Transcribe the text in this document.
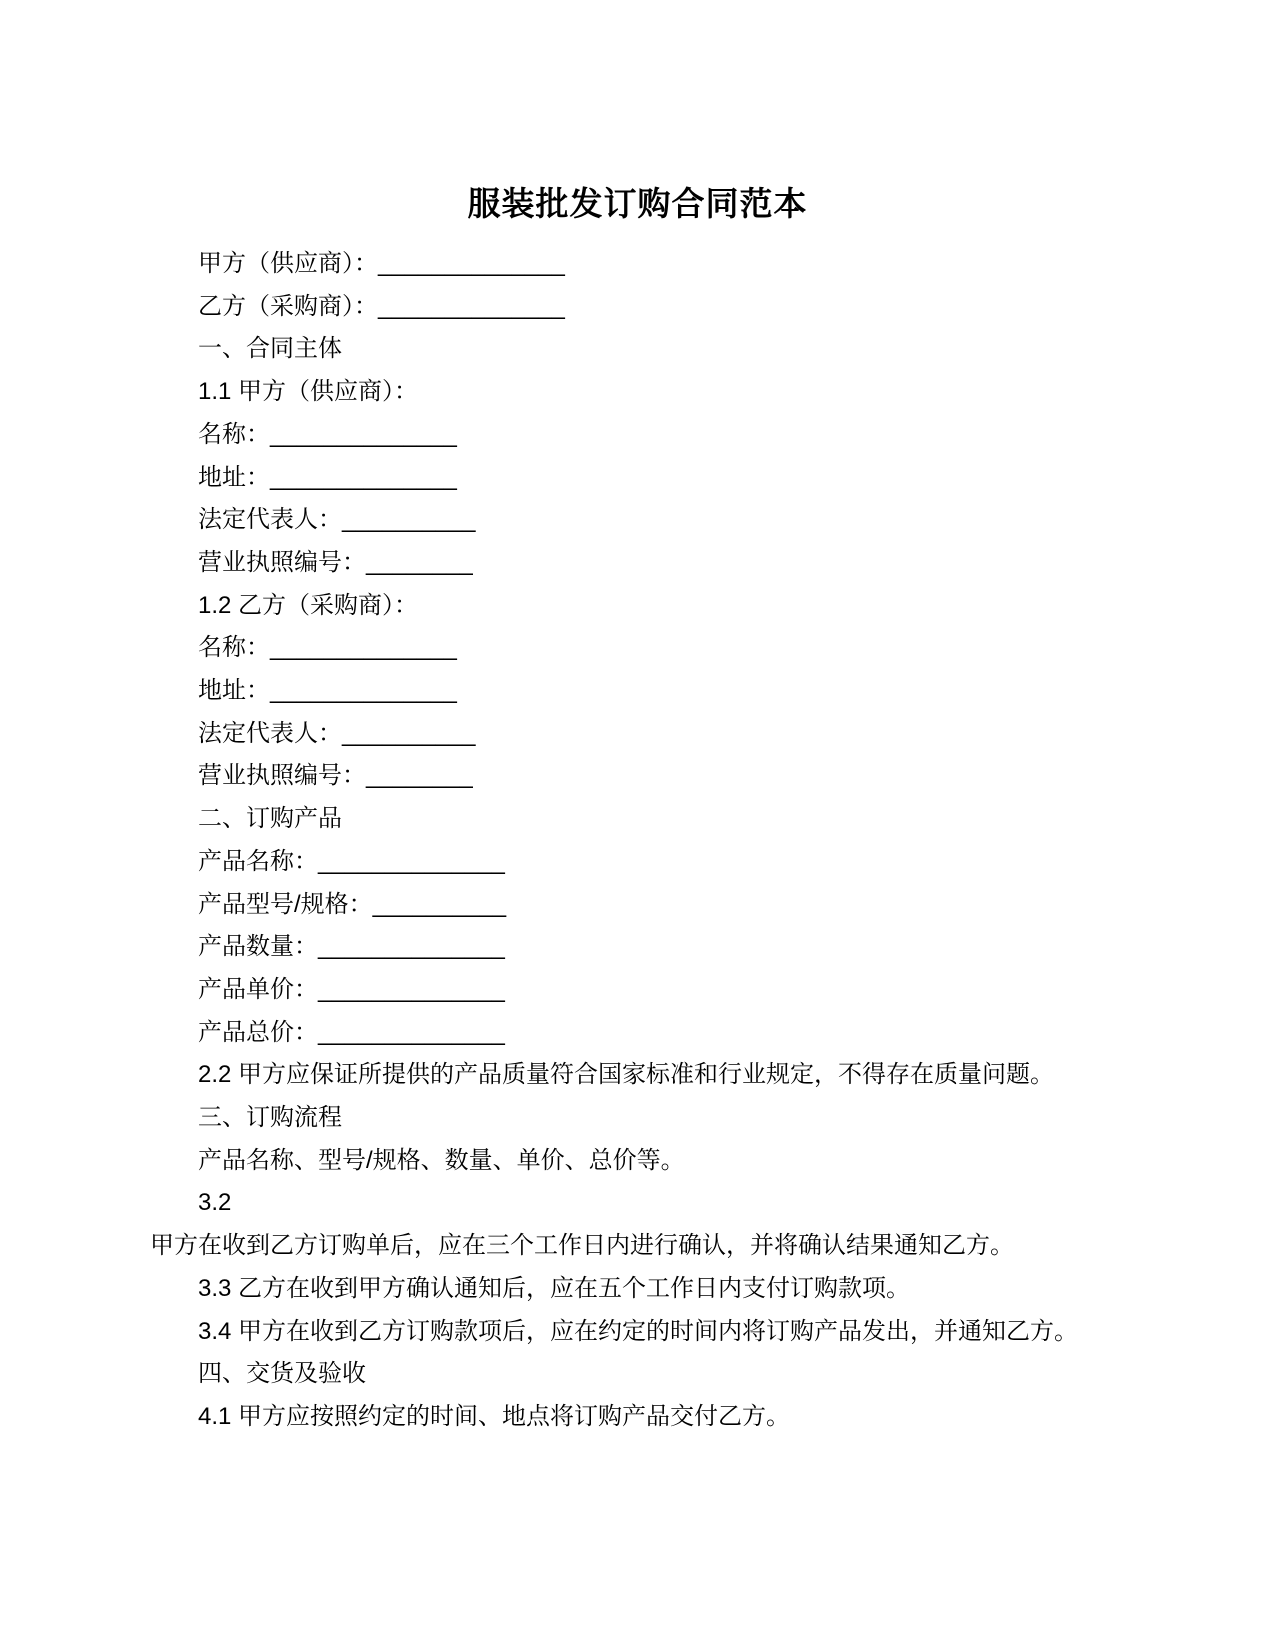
服装批发订购合同范本

甲方（供应商）：______________

乙方（采购商）：______________

一、合同主体

1.1 甲方（供应商）：

名称：______________

地址：______________

法定代表人：__________

营业执照编号：________

1.2 乙方（采购商）：

名称：______________

地址：______________

法定代表人：__________

营业执照编号：________

二、订购产品

产品名称：______________

产品型号/规格：__________

产品数量：______________

产品单价：______________

产品总价：______________

2.2 甲方应保证所提供的产品质量符合国家标准和行业规定，不得存在质量问题。

三、订购流程

产品名称、型号/规格、数量、单价、总价等。

3.2

甲方在收到乙方订购单后，应在三个工作日内进行确认，并将确认结果通知乙方。

3.3 乙方在收到甲方确认通知后，应在五个工作日内支付订购款项。

3.4 甲方在收到乙方订购款项后，应在约定的时间内将订购产品发出，并通知乙方。

四、交货及验收

4.1 甲方应按照约定的时间、地点将订购产品交付乙方。
